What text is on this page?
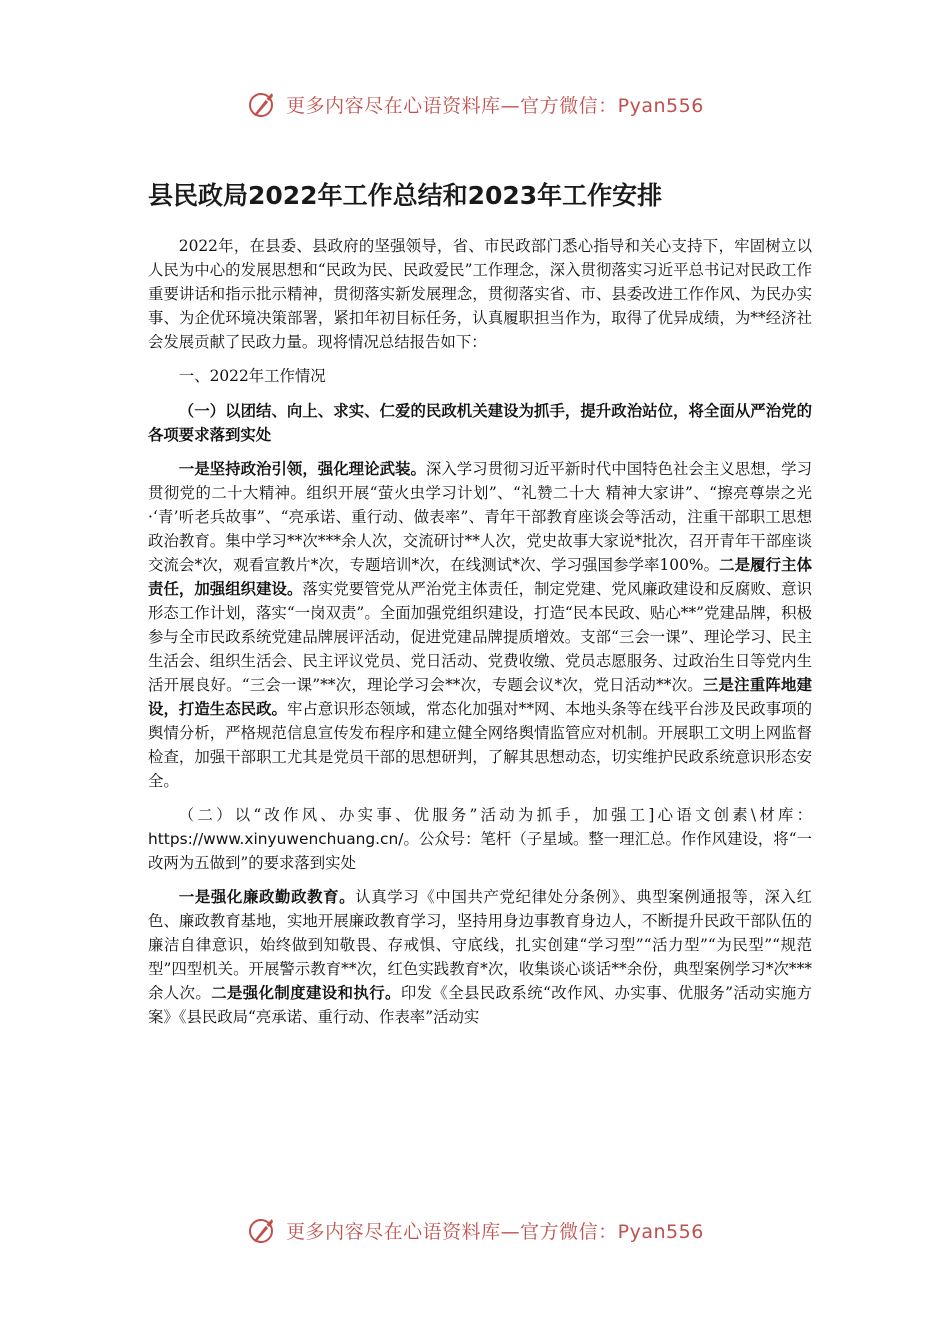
更多内容尽在心语资料库—官方微信：Pyan556
县民政局2022年工作总结和2023年工作安排

2022年，在县委、县政府的坚强领导，省、市民政部门悉心指导和关心支持下，牢固树立以人民为中心的发展思想和“民政为民、民政爱民”工作理念，深入贯彻落实习近平总书记对民政工作重要讲话和指示批示精神，贯彻落实新发展理念，贯彻落实省、市、县委改进工作作风、为民办实事、为企优环境决策部署，紧扣年初目标任务，认真履职担当作为，取得了优异成绩，为**经济社会发展贡献了民政力量。现将情况总结报告如下：

一、2022年工作情况

（一）以团结、向上、求实、仁爱的民政机关建设为抓手，提升政治站位，将全面从严治党的各项要求落到实处

一是坚持政治引领，强化理论武装。深入学习贯彻习近平新时代中国特色社会主义思想，学习贯彻党的二十大精神。组织开展“萤火虫学习计划”、“礼赞二十大 精神大家讲”、“擦亮尊崇之光·‘青’听老兵故事”、“亮承诺、重行动、做表率”、青年干部教育座谈会等活动，注重干部职工思想政治教育。集中学习**次***余人次，交流研讨**人次，党史故事大家说*批次，召开青年干部座谈交流会*次，观看宣教片*次，专题培训*次，在线测试*次、学习强国参学率100%。二是履行主体责任，加强组织建设。落实党要管党从严治党主体责任，制定党建、党风廉政建设和反腐败、意识形态工作计划，落实“一岗双责”。全面加强党组织建设，打造“民本民政、贴心**”党建品牌，积极参与全市民政系统党建品牌展评活动，促进党建品牌提质增效。支部“三会一课”、理论学习、民主生活会、组织生活会、民主评议党员、党日活动、党费收缴、党员志愿服务、过政治生日等党内生活开展良好。“三会一课”**次，理论学习会**次，专题会议*次，党日活动**次。三是注重阵地建设，打造生态民政。牢占意识形态领域，常态化加强对**网、本地头条等在线平台涉及民政事项的舆情分析，严格规范信息宣传发布程序和建立健全网络舆情监管应对机制。开展职工文明上网监督检查，加强干部职工尤其是党员干部的思想研判，了解其思想动态，切实维护民政系统意识形态安全。

（二）以“改作风、办实事、优服务”活动为抓手，加强工]心语文创素\材库：https://www.xinyuwenchuang.cn/。公众号：笔杆（子星域。整一理汇总。作作风建设，将“一改两为五做到”的要求落到实处

一是强化廉政勤政教育。认真学习《中国共产党纪律处分条例》、典型案例通报等，深入红色、廉政教育基地，实地开展廉政教育学习，坚持用身边事教育身边人，不断提升民政干部队伍的廉洁自律意识，始终做到知敬畏、存戒惧、守底线，扎实创建“学习型”“活力型”“为民型”“规范型”四型机关。开展警示教育**次，红色实践教育*次，收集谈心谈话**余份，典型案例学习*次***余人次。二是强化制度建设和执行。印发《全县民政系统“改作风、办实事、优服务”活动实施方案》《县民政局“亮承诺、重行动、作表率”活动实

更多内容尽在心语资料库—官方微信：Pyan556
